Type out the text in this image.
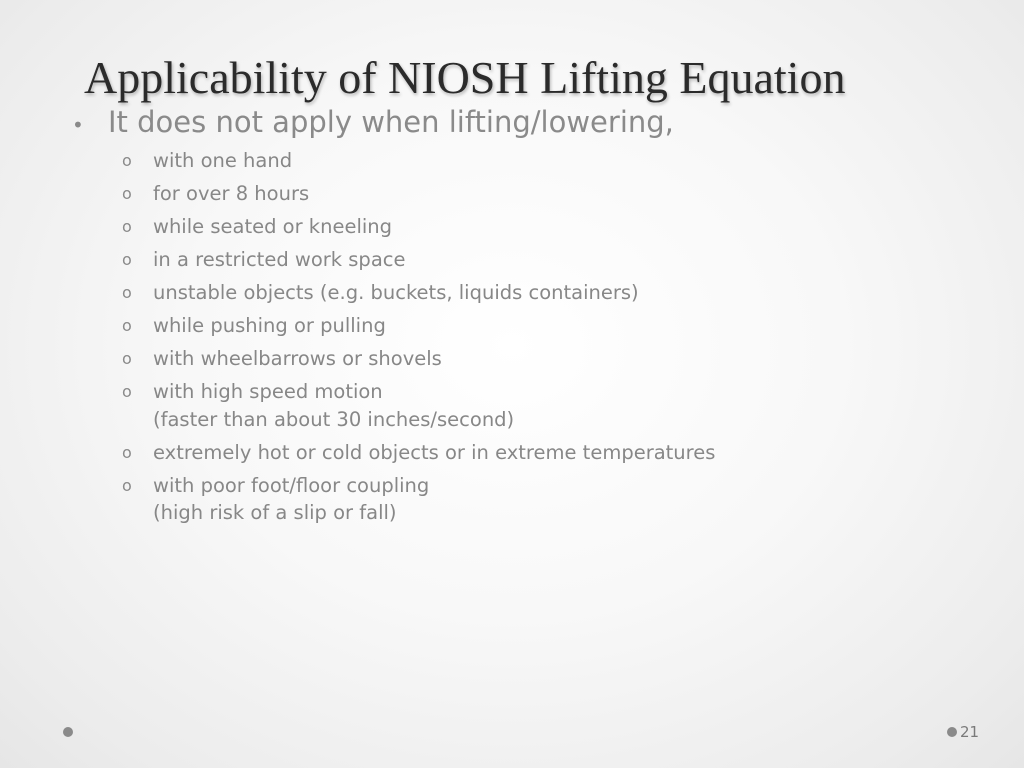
Applicability of NIOSH Lifting Equation
• It does not apply when lifting/lowering,
o	with one hand
o	for over 8 hours
o	while seated or kneeling
o	in a restricted work space
o	unstable objects (e.g. buckets, liquids containers)
o	while pushing or pulling
o	with wheelbarrows or shovels
o	with high speed motion
(faster than about 30 inches/second)
o	extremely hot or cold objects or in extreme temperatures
o	with poor foot/floor coupling
(high risk of a slip or fall)
21
